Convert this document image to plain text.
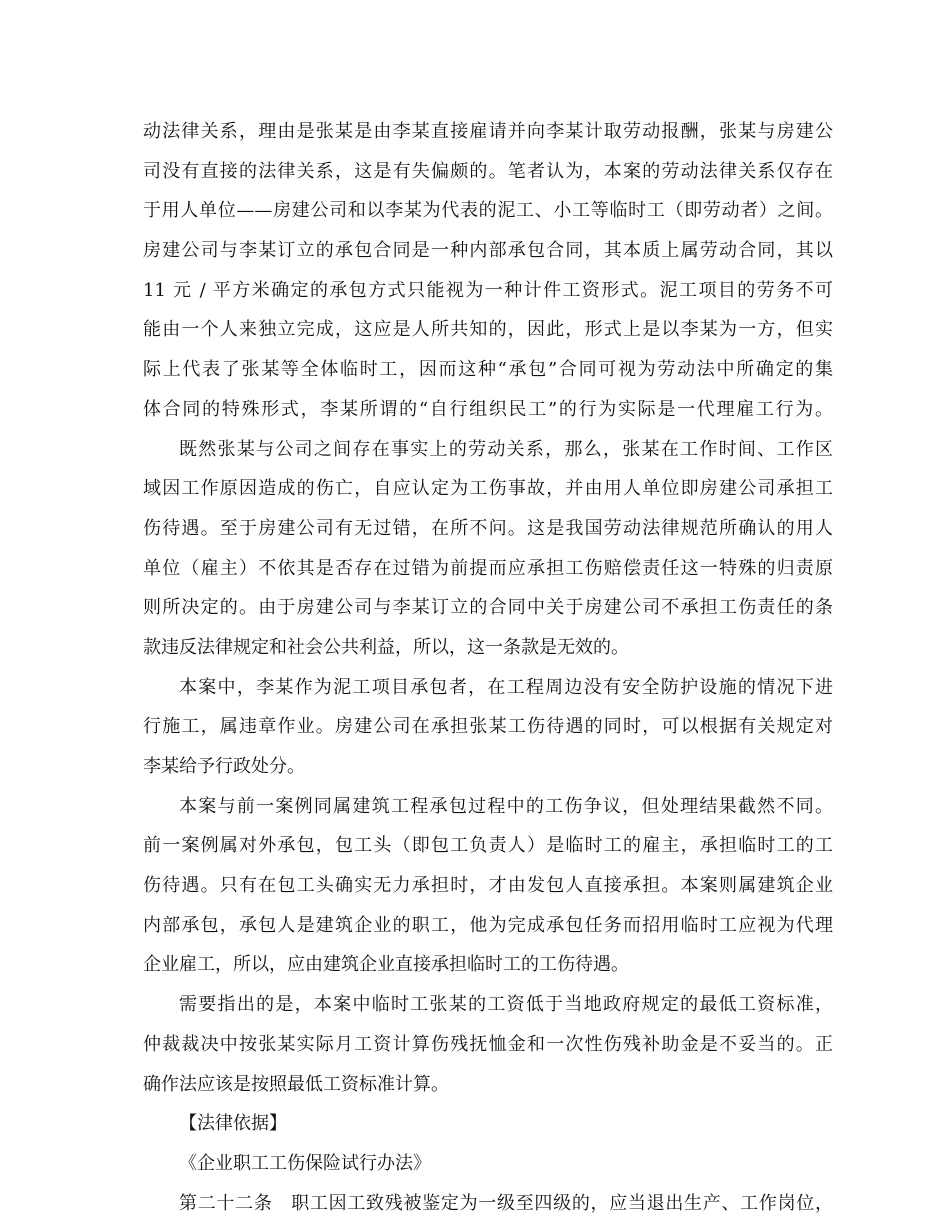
动法律关系，理由是张某是由李某直接雇请并向李某计取劳动报酬，张某与房建公
司没有直接的法律关系，这是有失偏颇的。笔者认为，本案的劳动法律关系仅存在
于用人单位——房建公司和以李某为代表的泥工、小工等临时工（即劳动者）之间。
房建公司与李某订立的承包合同是一种内部承包合同，其本质上属劳动合同，其以
11 元 / 平方米确定的承包方式只能视为一种计件工资形式。泥工项目的劳务不可
能由一个人来独立完成，这应是人所共知的，因此，形式上是以李某为一方，但实
际上代表了张某等全体临时工，因而这种“承包”合同可视为劳动法中所确定的集
体合同的特殊形式，李某所谓的“自行组织民工”的行为实际是一代理雇工行为。
既然张某与公司之间存在事实上的劳动关系，那么，张某在工作时间、工作区
域因工作原因造成的伤亡，自应认定为工伤事故，并由用人单位即房建公司承担工
伤待遇。至于房建公司有无过错，在所不问。这是我国劳动法律规范所确认的用人
单位（雇主）不依其是否存在过错为前提而应承担工伤赔偿责任这一特殊的归责原
则所决定的。由于房建公司与李某订立的合同中关于房建公司不承担工伤责任的条
款违反法律规定和社会公共利益，所以，这一条款是无效的。
本案中，李某作为泥工项目承包者，在工程周边没有安全防护设施的情况下进
行施工，属违章作业。房建公司在承担张某工伤待遇的同时，可以根据有关规定对
李某给予行政处分。
本案与前一案例同属建筑工程承包过程中的工伤争议，但处理结果截然不同。
前一案例属对外承包，包工头（即包工负责人）是临时工的雇主，承担临时工的工
伤待遇。只有在包工头确实无力承担时，才由发包人直接承担。本案则属建筑企业
内部承包，承包人是建筑企业的职工，他为完成承包任务而招用临时工应视为代理
企业雇工，所以，应由建筑企业直接承担临时工的工伤待遇。
需要指出的是，本案中临时工张某的工资低于当地政府规定的最低工资标准，
仲裁裁决中按张某实际月工资计算伤残抚恤金和一次性伤残补助金是不妥当的。正
确作法应该是按照最低工资标准计算。
【法律依据】
《企业职工工伤保险试行办法》
第二十二条　职工因工致残被鉴定为一级至四级的，应当退出生产、工作岗位，
